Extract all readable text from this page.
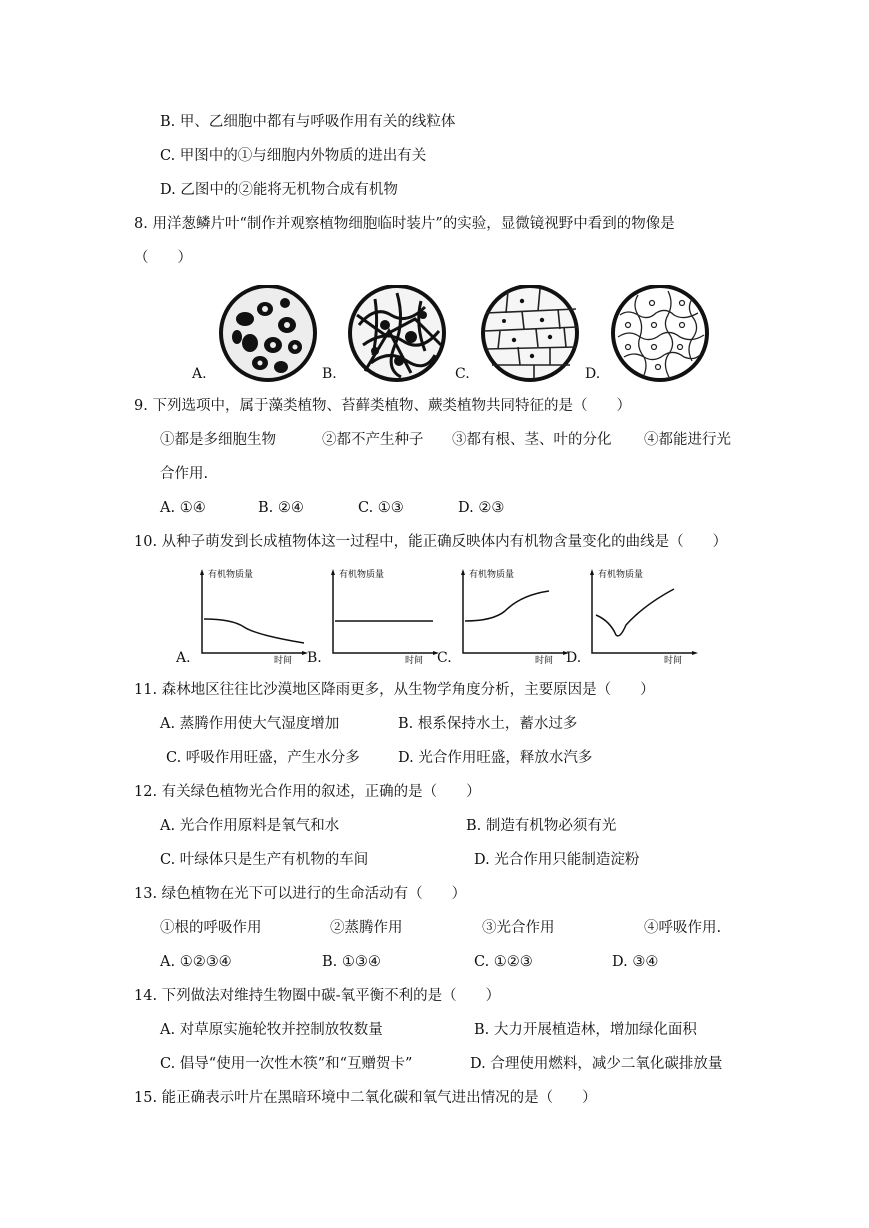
B. 甲、乙细胞中都有与呼吸作用有关的线粒体
C. 甲图中的①与细胞内外物质的进出有关
D. 乙图中的②能将无机物合成有机物
8. 用洋葱鳞片叶“制作并观察植物细胞临时装片”的实验，显微镜视野中看到的物像是
（　　）
A.	B.	C.	D.
9. 下列选项中，属于藻类植物、苔藓类植物、蕨类植物共同特征的是（　　）
①都是多细胞生物	②都不产生种子 ③都有根、茎、叶的分化 ④都能进行光
合作用.
A. ①④	B. ②④	C. ①③	D. ②③
10. 从种子萌发到长成植物体这一过程中，能正确反映体内有机物含量变化的曲线是（　　）
A.
有机物质量
时间 B.
有机物质量
时间 C.
有机物质量
时间 D.
有机物质量
时间
11. 森林地区往往比沙漠地区降雨更多，从生物学角度分析，主要原因是（　　）
A. 蒸腾作用使大气湿度增加	B. 根系保持水土，蓄水过多
C. 呼吸作用旺盛，产生水分多	D. 光合作用旺盛，释放水汽多
12. 有关绿色植物光合作用的叙述，正确的是（　　）
A. 光合作用原料是氧气和水	B. 制造有机物必须有光
C. 叶绿体只是生产有机物的车间	D. 光合作用只能制造淀粉
13. 绿色植物在光下可以进行的生命活动有（　　）
①根的呼吸作用	②蒸腾作用	③光合作用	④呼吸作用.
A. ①②③④	B. ①③④	C. ①②③	D. ③④
14. 下列做法对维持生物圈中碳-氧平衡不利的是（　　）
A. 对草原实施轮牧并控制放牧数量	B. 大力开展植造林，增加绿化面积
C. 倡导“使用一次性木筷”和“互赠贺卡”	D. 合理使用燃料，减少二氧化碳排放量
15. 能正确表示叶片在黑暗环境中二氧化碳和氧气进出情况的是（　　）
